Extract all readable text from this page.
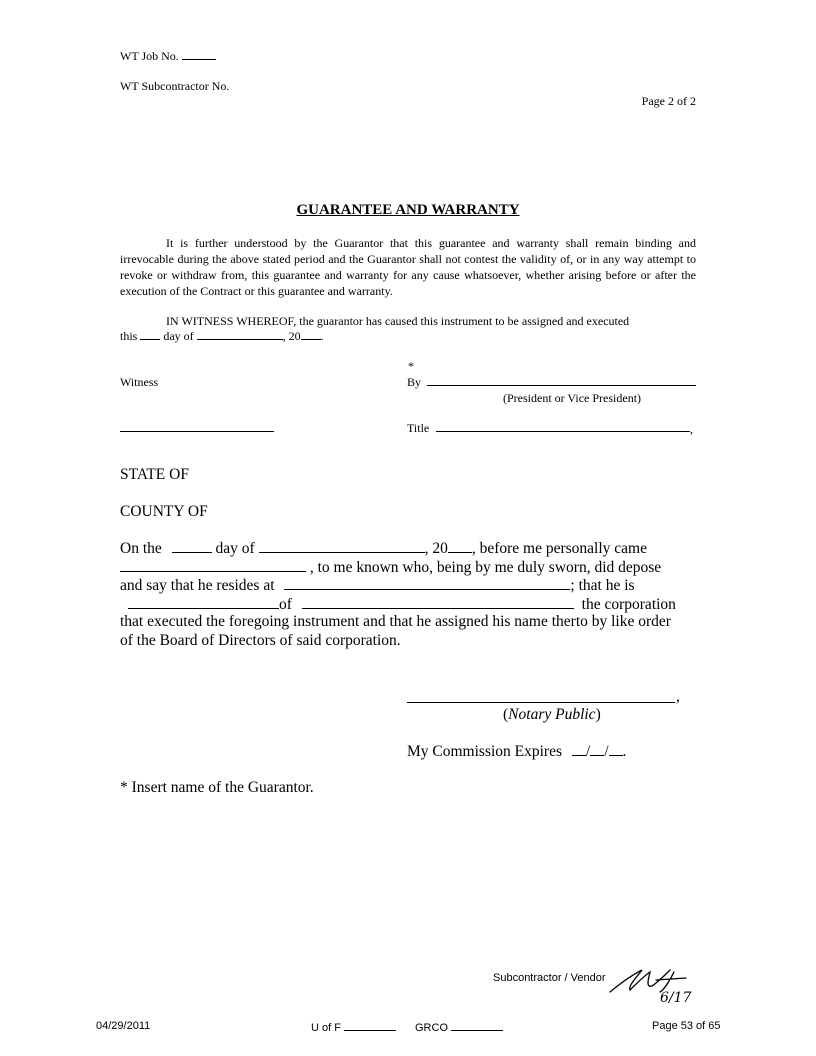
WT Job No.
WT Subcontractor No.
Page 2 of 2
GUARANTEE AND WARRANTY
It is further understood by the Guarantor that this guarantee and warranty shall remain binding and irrevocable during the above stated period and the Guarantor shall not contest the validity of, or in any way attempt to revoke or withdraw from, this guarantee and warranty for any cause whatsoever, whether arising before or after the execution of the Contract or this guarantee and warranty.
IN WITNESS WHEREOF, the guarantor has caused this instrument to be assigned and executed
this day of	, 20 .
*
Witness	By
(President or Vice President)
Title	,
STATE OF
COUNTY OF
On the	day of	, 20 , before me personally came
, to me known who, being by me duly sworn, did depose
and say that he resides at	; that he is
of	the corporation
that executed the foregoing instrument and that he assigned his name therto by like order
of the Board of Directors of said corporation.
,
(Notary Public)
My Commission Expires / / .
* Insert name of the Guarantor.
Subcontractor / Vendor
6/17
04/29/2011	U of F	GRCO	Page 53 of 65
